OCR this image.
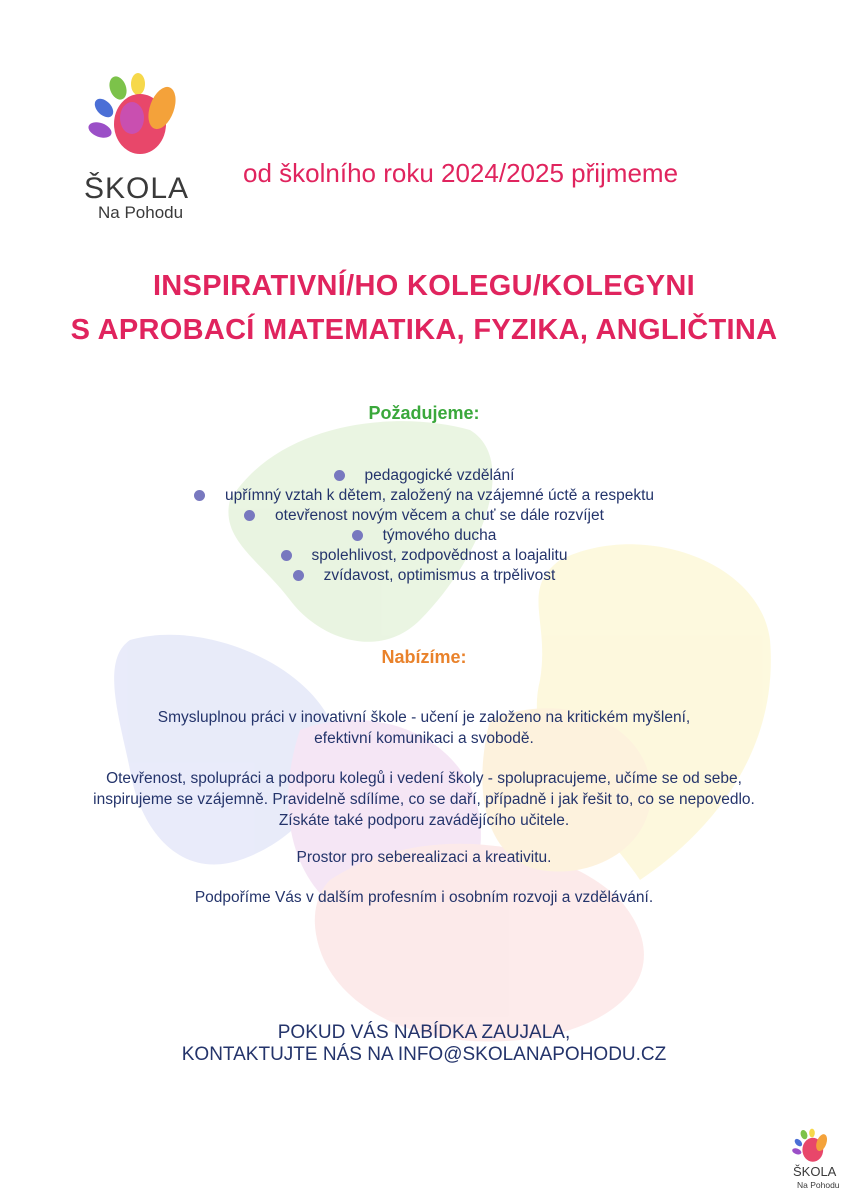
ŠKOLA
Na Pohodu
od školního roku 2024/2025 přijmeme
INSPIRATIVNÍ/HO KOLEGU/KOLEGYNI
S APROBACÍ MATEMATIKA, FYZIKA, ANGLIČTINA
Požadujeme:
pedagogické vzdělání
upřímný vztah k dětem, založený na vzájemné úctě a respektu
otevřenost novým věcem a chuť se dále rozvíjet
týmového ducha
spolehlivost, zodpovědnost a loajalitu
zvídavost, optimismus a trpělivost
Nabízíme:
Smysluplnou práci v inovativní škole - učení je založeno na kritickém myšlení,
efektivní komunikaci a svobodě.
Otevřenost, spolupráci a podporu kolegů i vedení školy - spolupracujeme, učíme se od sebe,
inspirujeme se vzájemně. Pravidelně sdílíme, co se daří, případně i jak řešit to, co se nepovedlo.
Získáte také podporu zavádějícího učitele.
Prostor pro seberealizaci a kreativitu.
Podpoříme Vás v dalším profesním i osobním rozvoji a vzdělávání.
POKUD VÁS NABÍDKA ZAUJALA,
KONTAKTUJTE NÁS NA INFO@SKOLANAPOHODU.CZ
ŠKOLA
Na Pohodu
